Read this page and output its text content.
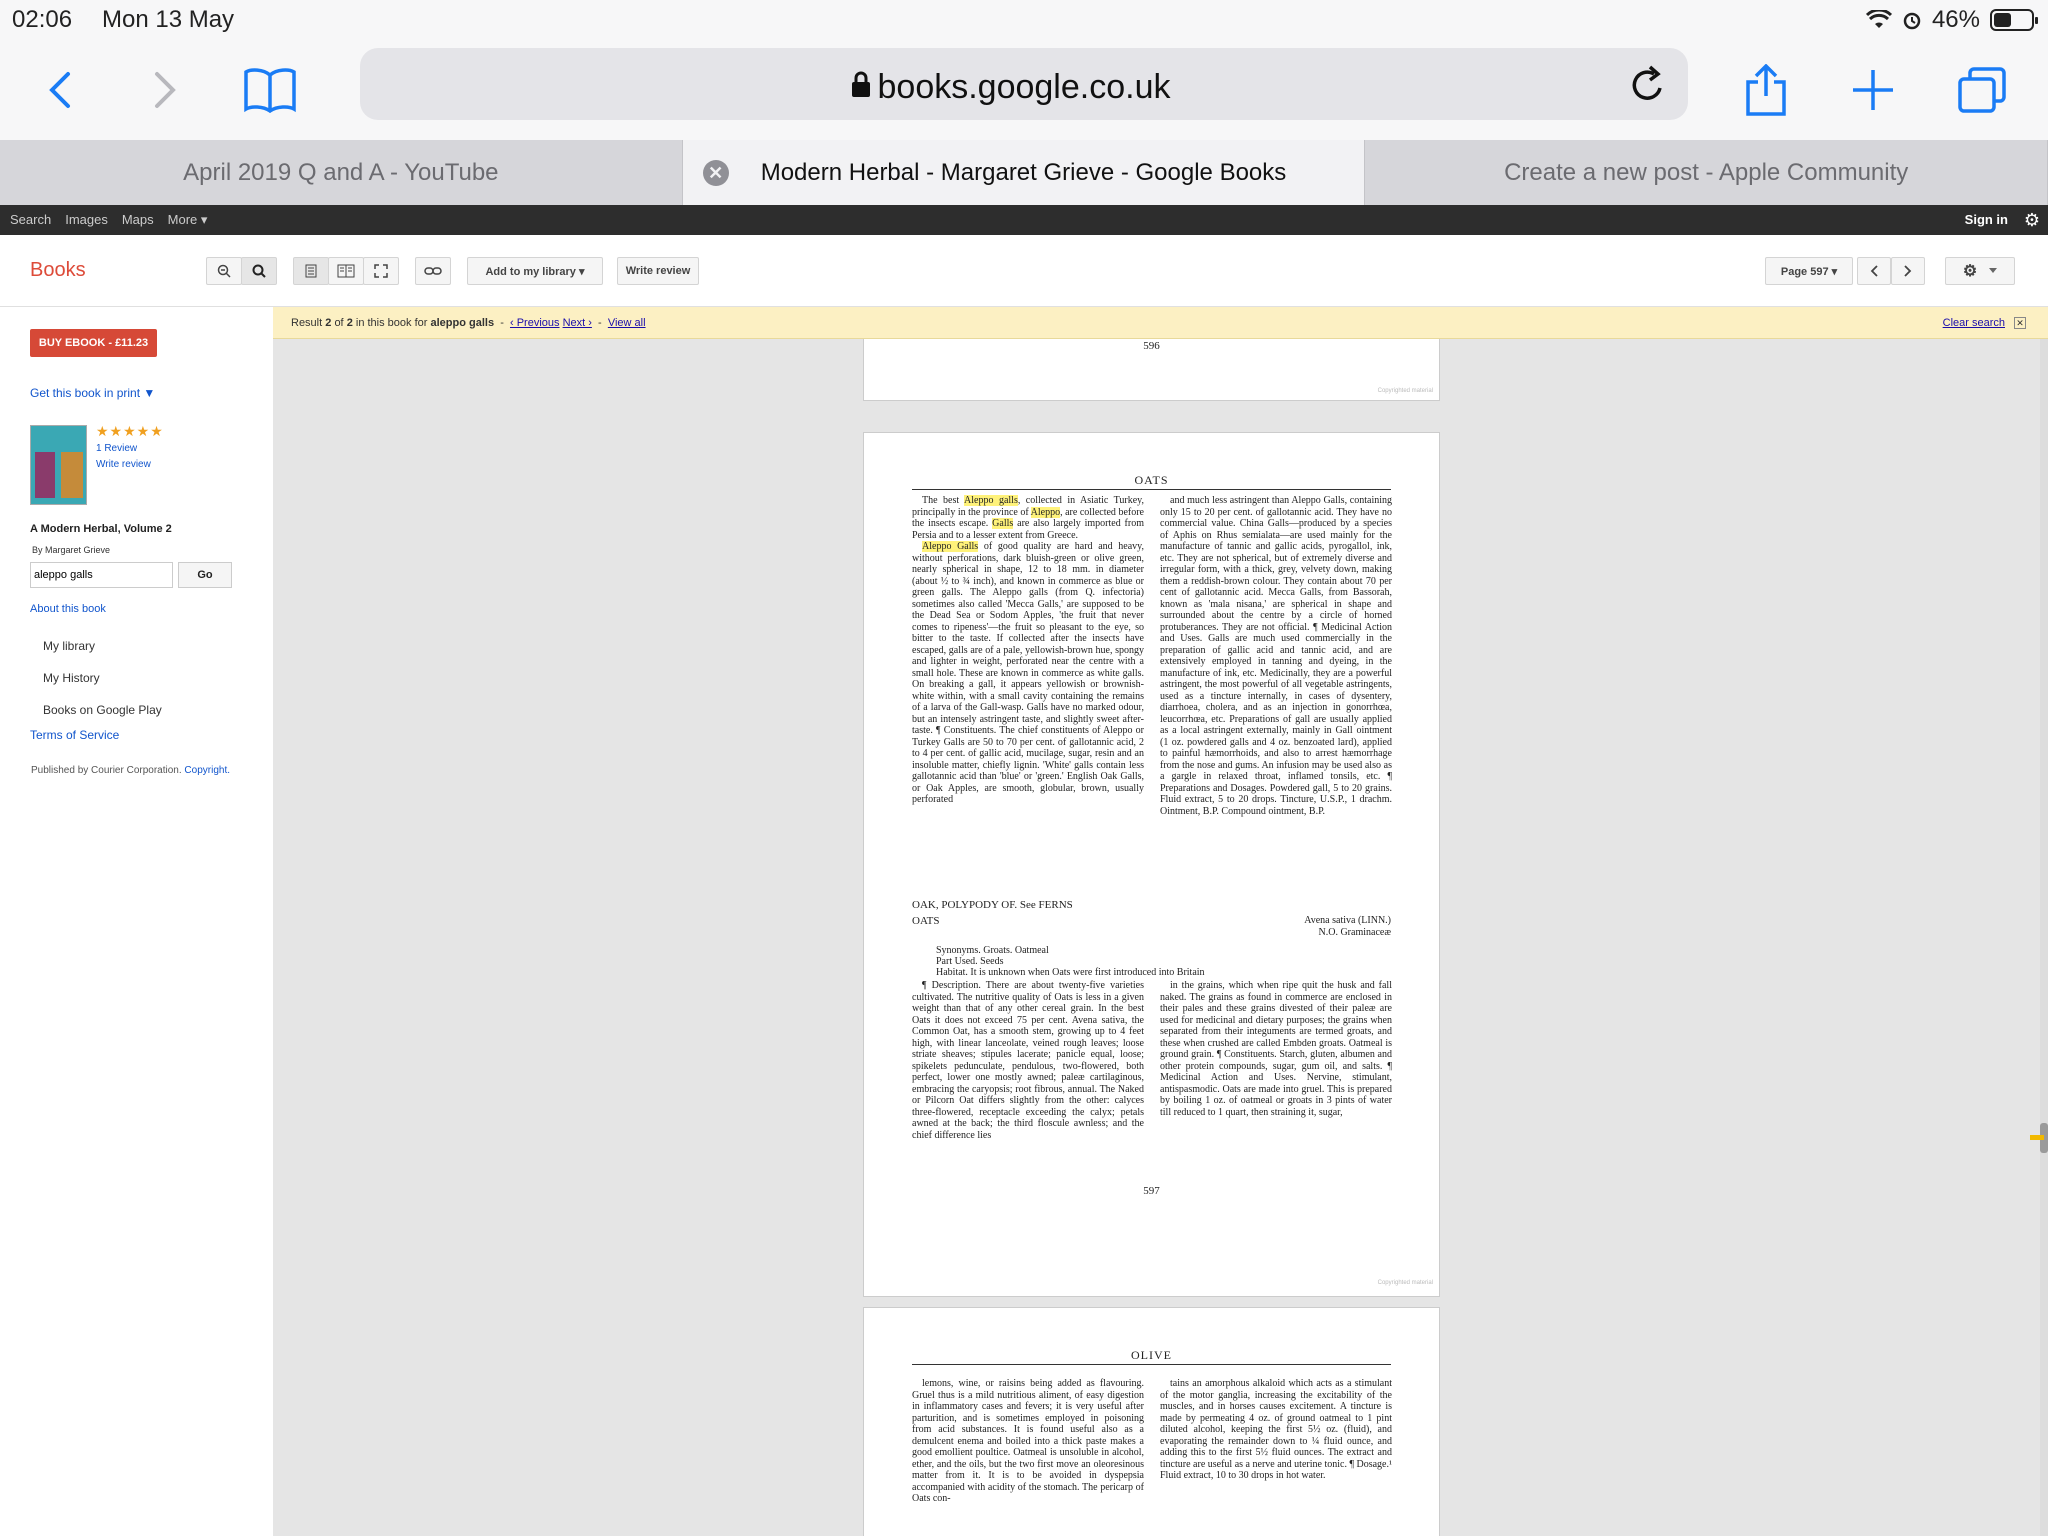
02:06 Mon 13 May	46%
books.google.co.uk
April 2019 Q and A - YouTube	✕ Modern Herbal - Margaret Grieve - Google Books	Create a new post - Apple Community
Search Images Maps More ▾	Sign in ⚙
Books	Add to my library ▾	Write review	Page 597 ▾	⚙
Result 2 of 2 in this book for aleppo galls - ‹ Previous Next › - View all	Clear search ✕
BUY EBOOK - £11.23
Get this book in print ▼
★★★★★
1 Review
Write review
A Modern Herbal, Volume 2
By Margaret Grieve
aleppo galls
Go
About this book
My library
My History
Books on Google Play
Terms of Service
Published by Courier Corporation. Copyright.
596
Copyrighted material
OATS

The best Aleppo galls, collected in Asiatic Turkey, principally in the province of Aleppo, are collected before the insects escape. Galls are also largely imported from Persia and to a lesser extent from Greece.

Aleppo Galls of good quality are hard and heavy, without perforations, dark bluish-green or olive green, nearly spherical in shape, 12 to 18 mm. in diameter (about ½ to ¾ inch), and known in commerce as blue or green galls. The Aleppo galls (from Q. infectoria) sometimes also called 'Mecca Galls,' are supposed to be the Dead Sea or Sodom Apples, 'the fruit that never comes to ripeness'—the fruit so pleasant to the eye, so bitter to the taste. If collected after the insects have escaped, galls are of a pale, yellowish-brown hue, spongy and lighter in weight, perforated near the centre with a small hole. These are known in commerce as white galls. On breaking a gall, it appears yellowish or brownish-white within, with a small cavity containing the remains of a larva of the Gall-wasp. Galls have no marked odour, but an intensely astringent taste, and slightly sweet after-taste. ¶ Constituents. The chief constituents of Aleppo or Turkey Galls are 50 to 70 per cent. of gallotannic acid, 2 to 4 per cent. of gallic acid, mucilage, sugar, resin and an insoluble matter, chiefly lignin. 'White' galls contain less gallotannic acid than 'blue' or 'green.' English Oak Galls, or Oak Apples, are smooth, globular, brown, usually perforated

and much less astringent than Aleppo Galls, containing only 15 to 20 per cent. of gallotannic acid. They have no commercial value. China Galls—produced by a species of Aphis on Rhus semialata—are used mainly for the manufacture of tannic and gallic acids, pyrogallol, ink, etc. They are not spherical, but of extremely diverse and irregular form, with a thick, grey, velvety down, making them a reddish-brown colour. They contain about 70 per cent of gallotannic acid. Mecca Galls, from Bassorah, known as 'mala nisana,' are spherical in shape and surrounded about the centre by a circle of horned protuberances. They are not official. ¶ Medicinal Action and Uses. Galls are much used commercially in the preparation of gallic acid and tannic acid, and are extensively employed in tanning and dyeing, in the manufacture of ink, etc. Medicinally, they are a powerful astringent, the most powerful of all vegetable astringents, used as a tincture internally, in cases of dysentery, diarrhoea, cholera, and as an injection in gonorrhœa, leucorrhœa, etc. Preparations of gall are usually applied as a local astringent externally, mainly in Gall ointment (1 oz. powdered galls and 4 oz. benzoated lard), applied to painful hæmorrhoids, and also to arrest hæmorrhage from the nose and gums. An infusion may be used also as a gargle in relaxed throat, inflamed tonsils, etc. ¶ Preparations and Dosages. Powdered gall, 5 to 20 grains. Fluid extract, 5 to 20 drops. Tincture, U.S.P., 1 drachm. Ointment, B.P. Compound ointment, B.P.

OAK, POLYPODY OF. See FERNS
OATS	Avena sativa (LINN.)
N.O. Graminaceæ
Synonyms. Groats. Oatmeal
Part Used. Seeds
Habitat. It is unknown when Oats were first introduced into Britain

¶ Description. There are about twenty-five varieties cultivated. The nutritive quality of Oats is less in a given weight than that of any other cereal grain. In the best Oats it does not exceed 75 per cent. Avena sativa, the Common Oat, has a smooth stem, growing up to 4 feet high, with linear lanceolate, veined rough leaves; loose striate sheaves; stipules lacerate; panicle equal, loose; spikelets pedunculate, pendulous, two-flowered, both perfect, lower one mostly awned; paleæ cartilaginous, embracing the caryopsis; root fibrous, annual. The Naked or Pilcorn Oat differs slightly from the other: calyces three-flowered, receptacle exceeding the calyx; petals awned at the back; the third floscule awnless; and the chief difference lies

in the grains, which when ripe quit the husk and fall naked. The grains as found in commerce are enclosed in their pales and these grains divested of their paleæ are used for medicinal and dietary purposes; the grains when separated from their integuments are termed groats, and these when crushed are called Embden groats. Oatmeal is ground grain. ¶ Constituents. Starch, gluten, albumen and other protein compounds, sugar, gum oil, and salts. ¶ Medicinal Action and Uses. Nervine, stimulant, antispasmodic. Oats are made into gruel. This is prepared by boiling 1 oz. of oatmeal or groats in 3 pints of water till reduced to 1 quart, then straining it, sugar,

597
Copyrighted material
OLIVE

lemons, wine, or raisins being added as flavouring. Gruel thus is a mild nutritious aliment, of easy digestion in inflammatory cases and fevers; it is very useful after parturition, and is sometimes employed in poisoning from acid substances. It is found useful also as a demulcent enema and boiled into a thick paste makes a good emollient poultice. Oatmeal is unsoluble in alcohol, ether, and the oils, but the two first move an oleoresinous matter from it. It is to be avoided in dyspepsia accompanied with acidity of the stomach. The pericarp of Oats con-

tains an amorphous alkaloid which acts as a stimulant of the motor ganglia, increasing the excitability of the muscles, and in horses causes excitement. A tincture is made by permeating 4 oz. of ground oatmeal to 1 pint diluted alcohol, keeping the first 5½ oz. (fluid), and evaporating the remainder down to ¼ fluid ounce, and adding this to the first 5½ fluid ounces. The extract and tincture are useful as a nerve and uterine tonic. ¶ Dosage.¹ Fluid extract, 10 to 30 drops in hot water.
